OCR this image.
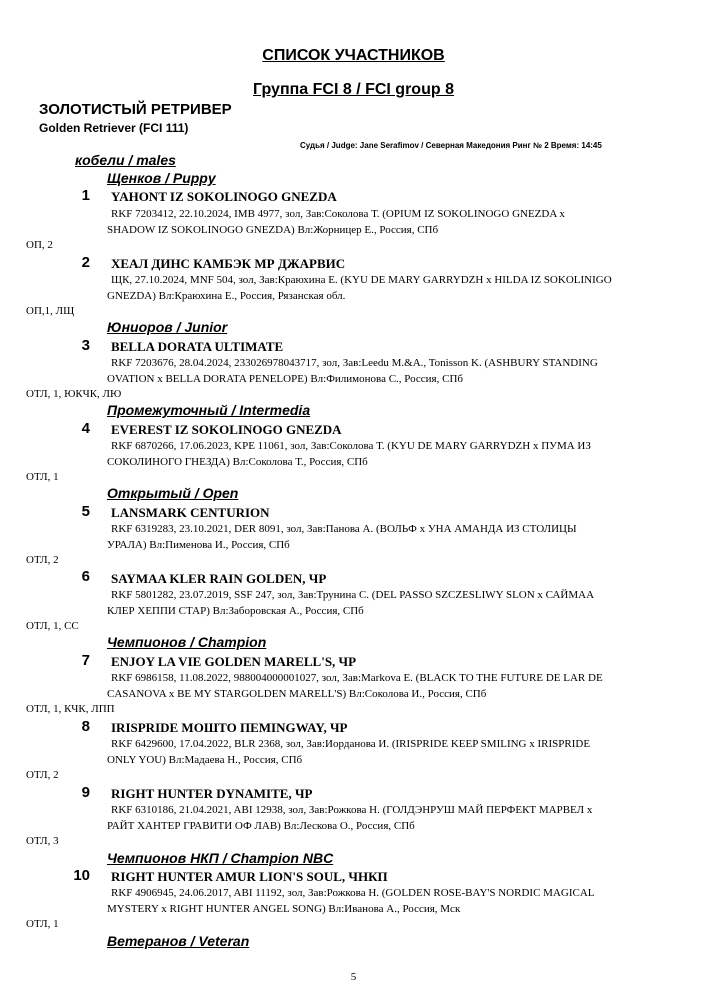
СПИСОК УЧАСТНИКОВ
Группа FCI 8 / FCI group 8
ЗОЛОТИСТЫЙ РЕТРИВЕР
Golden Retriever (FCI 111)
Судья / Judge: Jane Serafimov / Северная Македония Ринг № 2 Время: 14:45
кобели / males
Щенков / Puppy
1 YAHONT IZ SOKOLINOGO GNEZDA
RKF 7203412, 22.10.2024, IMB 4977, зол, Зав:Соколова Т. (OPIUM IZ SOKOLINOGO GNEZDA x
SHADOW IZ SOKOLINOGO GNEZDA) Вл:Жорницер Е., Россия, СПб
ОП, 2
2 ХЕАЛ ДИНС КАМБЭК МР ДЖАРВИС
ЩК, 27.10.2024, MNF 504, зол, Зав:Краюхина Е. (KYU DE MARY GARRYDZH x HILDA IZ SOKOLINIGO
GNEZDA) Вл:Краюхина Е., Россия, Рязанская обл.
ОП,1, ЛЩ
Юниоров / Junior
3 BELLA DORATA ULTIMATE
RKF 7203676, 28.04.2024, 233026978043717, зол, Зав:Leedu M.&A., Tonisson K. (ASHBURY STANDING
OVATION x BELLA DORATA PENELOPE) Вл:Филимонова С., Россия, СПб
ОТЛ, 1, ЮКЧК, ЛЮ
Промежуточный / Intermedia
4 EVEREST IZ SOKOLINOGO GNEZDA
RKF 6870266, 17.06.2023, KPE 11061, зол, Зав:Соколова Т. (KYU DE MARY GARRYDZH x ПУМА ИЗ
СОКОЛИНОГО ГНЕЗДА) Вл:Соколова Т., Россия, СПб
ОТЛ, 1
Открытый / Open
5 LANSMARK CENTURION
RKF 6319283, 23.10.2021, DER 8091, зол, Зав:Панова А. (ВОЛЬФ x УНА АМАНДА ИЗ СТОЛИЦЫ
УРАЛА) Вл:Пименова И., Россия, СПб
ОТЛ, 2
6 SAYMAA KLER RAIN GOLDEN, ЧР
RKF 5801282, 23.07.2019, SSF 247, зол, Зав:Трунина С. (DEL PASSO SZCZESLIWY SLON x САЙМАА
КЛЕР ХЕППИ СТАР) Вл:Заборовская А., Россия, СПб
ОТЛ, 1, СС
Чемпионов / Champion
7 ENJOY LA VIE GOLDEN MARELL'S, ЧР
RKF 6986158, 11.08.2022, 988004000001027, зол, Зав:Markova E. (BLACK TO THE FUTURE DE LAR DE
CASANOVA x BE MY STARGOLDEN MARELL'S) Вл:Соколова И., Россия, СПб
ОТЛ, 1, КЧК, ЛПП
8 IRISPRIDE МОШТО ПЕМINGWAY, ЧР
RKF 6429600, 17.04.2022, BLR 2368, зол, Зав:Иорданова И. (IRISPRIDE KEEP SMILING x IRISPRIDE
ONLY YOU) Вл:Мадаева Н., Россия, СПб
ОТЛ, 2
9 RIGHT HUNTER DYNAMITE, ЧР
RKF 6310186, 21.04.2021, ABI 12938, зол, Зав:Рожкова Н. (ГОЛДЭНРУШ МАЙ ПЕРФЕКТ МАРВЕЛ x
РАЙТ ХАНТЕР ГРАВИТИ ОФ ЛАВ) Вл:Лескова О., Россия, СПб
ОТЛ, 3
Чемпионов НКП / Champion NBC
10 RIGHT HUNTER AMUR LION'S SOUL, ЧНКП
RKF 4906945, 24.06.2017, ABI 11192, зол, Зав:Рожкова Н. (GOLDEN ROSE-BAY'S NORDIC MAGICAL
MYSTERY x RIGHT HUNTER ANGEL SONG) Вл:Иванова А., Россия, Мск
ОТЛ, 1
Ветеранов / Veteran
5
